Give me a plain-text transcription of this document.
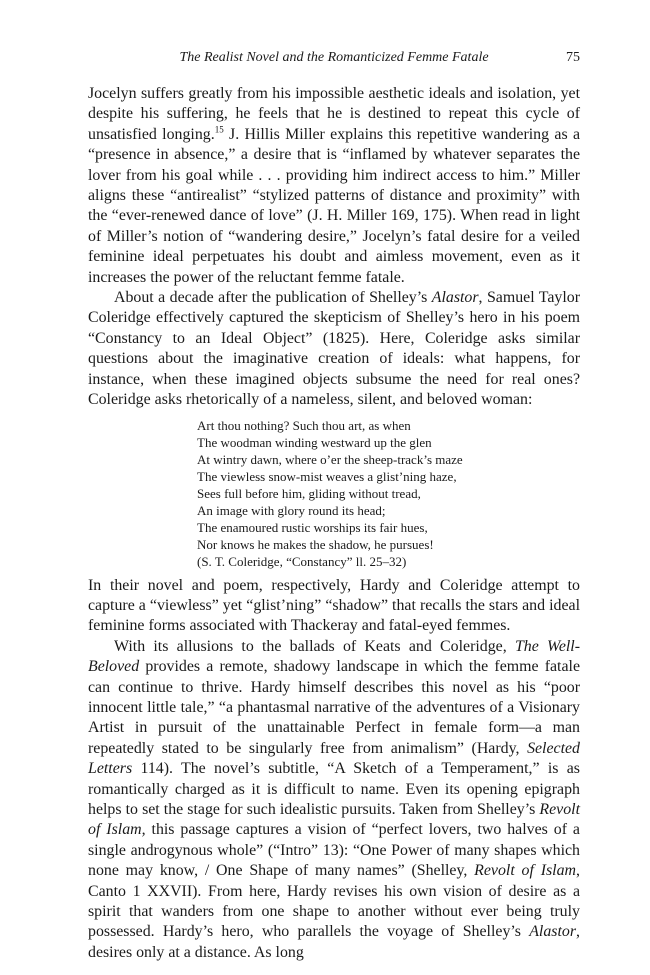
The Realist Novel and the Romanticized Femme Fatale	75

Jocelyn suffers greatly from his impossible aesthetic ideals and isolation, yet despite his suffering, he feels that he is destined to repeat this cycle of unsatisfied longing.$^{15}$ J. Hillis Miller explains this repetitive wandering as a “presence in absence,” a desire that is “inflamed by whatever separates the lover from his goal while . . . providing him indirect access to him.” Miller aligns these “antirealist” “stylized patterns of distance and proximity” with the “ever-renewed dance of love” (J. H. Miller 169, 175). When read in light of Miller’s notion of “wandering desire,” Jocelyn’s fatal desire for a veiled feminine ideal perpetuates his doubt and aimless movement, even as it increases the power of the reluctant femme fatale.

About a decade after the publication of Shelley’s Alastor, Samuel Taylor Coleridge effectively captured the skepticism of Shelley’s hero in his poem “Constancy to an Ideal Object” (1825). Here, Coleridge asks similar questions about the imaginative creation of ideals: what happens, for instance, when these imagined objects subsume the need for real ones? Coleridge asks rhetorically of a nameless, silent, and beloved woman:

Art thou nothing? Such thou art, as when
The woodman winding westward up the glen
At wintry dawn, where o’er the sheep-track’s maze
The viewless snow-mist weaves a glist’ning haze,
Sees full before him, gliding without tread,
An image with glory round its head;
The enamoured rustic worships its fair hues,
Nor knows he makes the shadow, he pursues!
(S. T. Coleridge, “Constancy” ll. 25–32)

In their novel and poem, respectively, Hardy and Coleridge attempt to capture a “viewless” yet “glist’ning” “shadow” that recalls the stars and ideal feminine forms associated with Thackeray and fatal-eyed femmes.

With its allusions to the ballads of Keats and Coleridge, The Well-Beloved provides a remote, shadowy landscape in which the femme fatale can continue to thrive. Hardy himself describes this novel as his “poor innocent little tale,” “a phantasmal narrative of the adventures of a Visionary Artist in pursuit of the unattainable Perfect in female form—a man repeatedly stated to be singularly free from animalism” (Hardy, Selected Letters 114). The novel’s subtitle, “A Sketch of a Temperament,” is as romantically charged as it is difficult to name. Even its opening epigraph helps to set the stage for such idealistic pursuits. Taken from Shelley’s Revolt of Islam, this passage captures a vision of “perfect lovers, two halves of a single androgynous whole” (“Intro” 13): “One Power of many shapes which none may know, / One Shape of many names” (Shelley, Revolt of Islam, Canto 1 XXVII). From here, Hardy revises his own vision of desire as a spirit that wanders from one shape to another without ever being truly possessed. Hardy’s hero, who parallels the voyage of Shelley’s Alastor, desires only at a distance. As long
